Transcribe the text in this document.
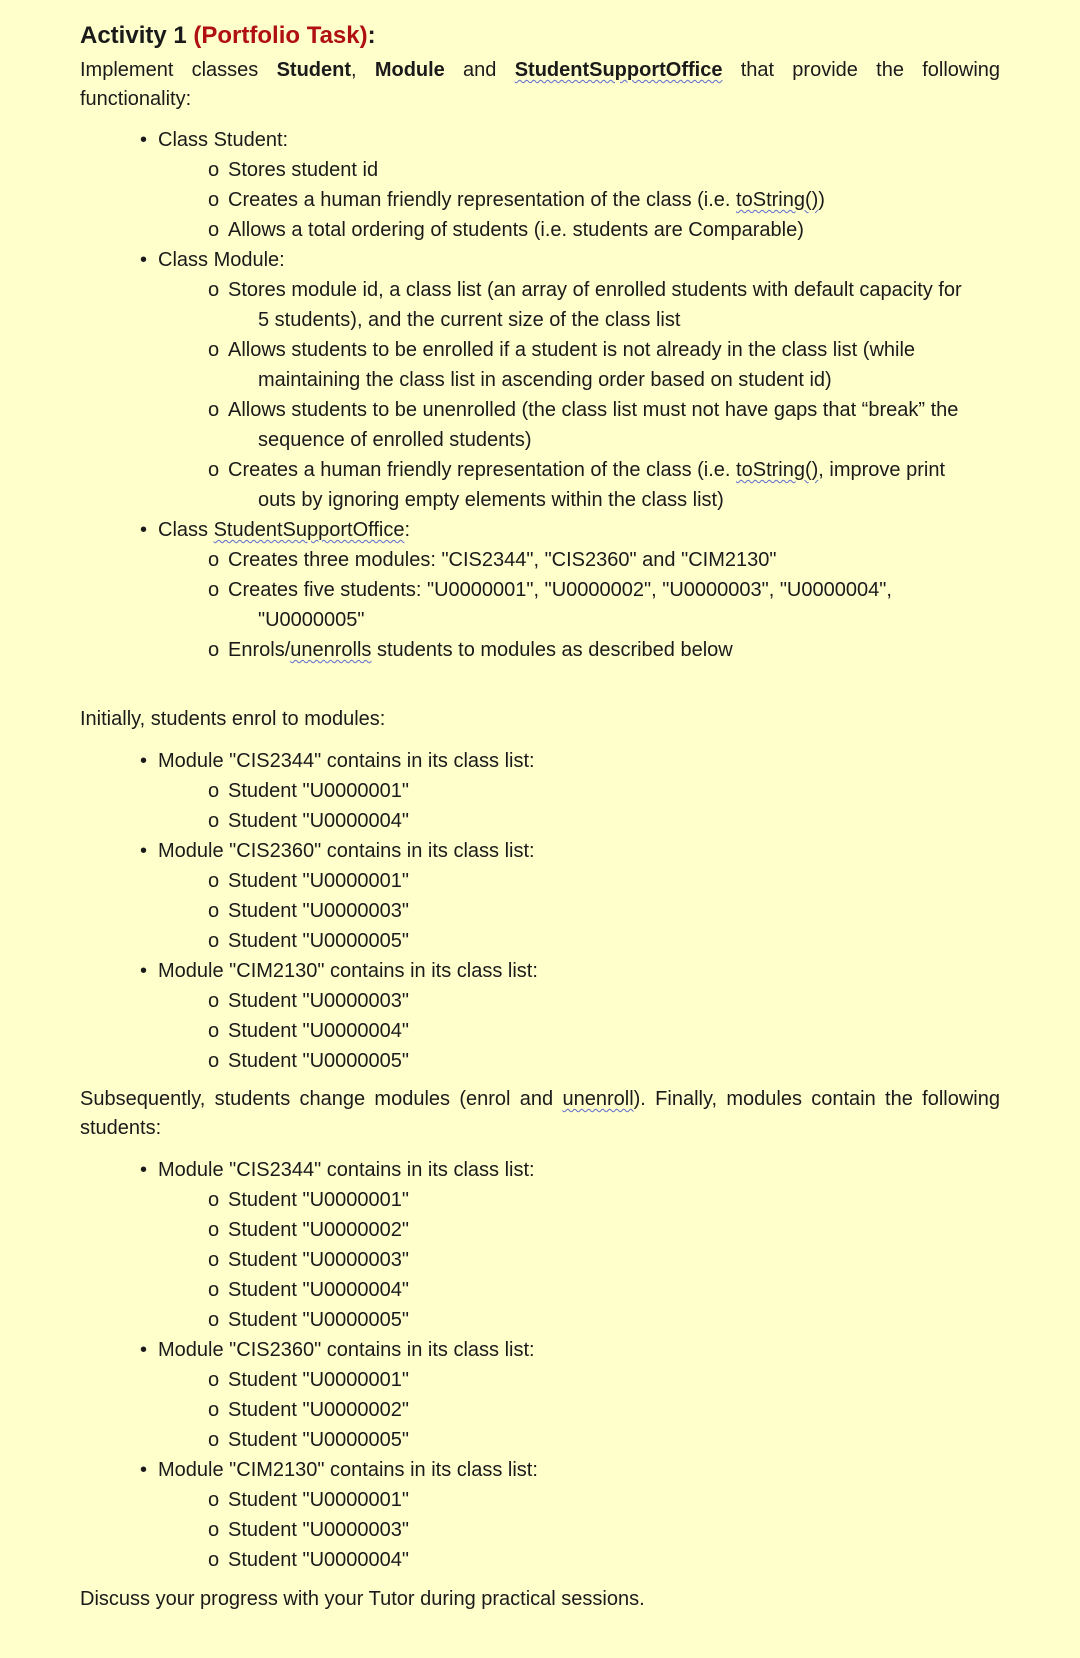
Activity 1 (Portfolio Task):

Implement classes Student, Module and StudentSupportOffice that provide the following functionality:

• Class Student:
o Stores student id
o Creates a human friendly representation of the class (i.e. toString())
o Allows a total ordering of students (i.e. students are Comparable)
• Class Module:
o Stores module id, a class list (an array of enrolled students with default capacity for
5 students), and the current size of the class list
o Allows students to be enrolled if a student is not already in the class list (while
maintaining the class list in ascending order based on student id)
o Allows students to be unenrolled (the class list must not have gaps that “break” the
sequence of enrolled students)
o Creates a human friendly representation of the class (i.e. toString(), improve print
outs by ignoring empty elements within the class list)
• Class StudentSupportOffice:
o Creates three modules: "CIS2344", "CIS2360" and "CIM2130"
o Creates five students: "U0000001", "U0000002", "U0000003", "U0000004",
"U0000005"
o Enrols/unenrolls students to modules as described below

Initially, students enrol to modules:

• Module "CIS2344" contains in its class list:
o Student "U0000001"
o Student "U0000004"
• Module "CIS2360" contains in its class list:
o Student "U0000001"
o Student "U0000003"
o Student "U0000005"
• Module "CIM2130" contains in its class list:
o Student "U0000003"
o Student "U0000004"
o Student "U0000005"

Subsequently, students change modules (enrol and unenroll). Finally, modules contain the following students:

• Module "CIS2344" contains in its class list:
o Student "U0000001"
o Student "U0000002"
o Student "U0000003"
o Student "U0000004"
o Student "U0000005"
• Module "CIS2360" contains in its class list:
o Student "U0000001"
o Student "U0000002"
o Student "U0000005"
• Module "CIM2130" contains in its class list:
o Student "U0000001"
o Student "U0000003"
o Student "U0000004"

Discuss your progress with your Tutor during practical sessions.
